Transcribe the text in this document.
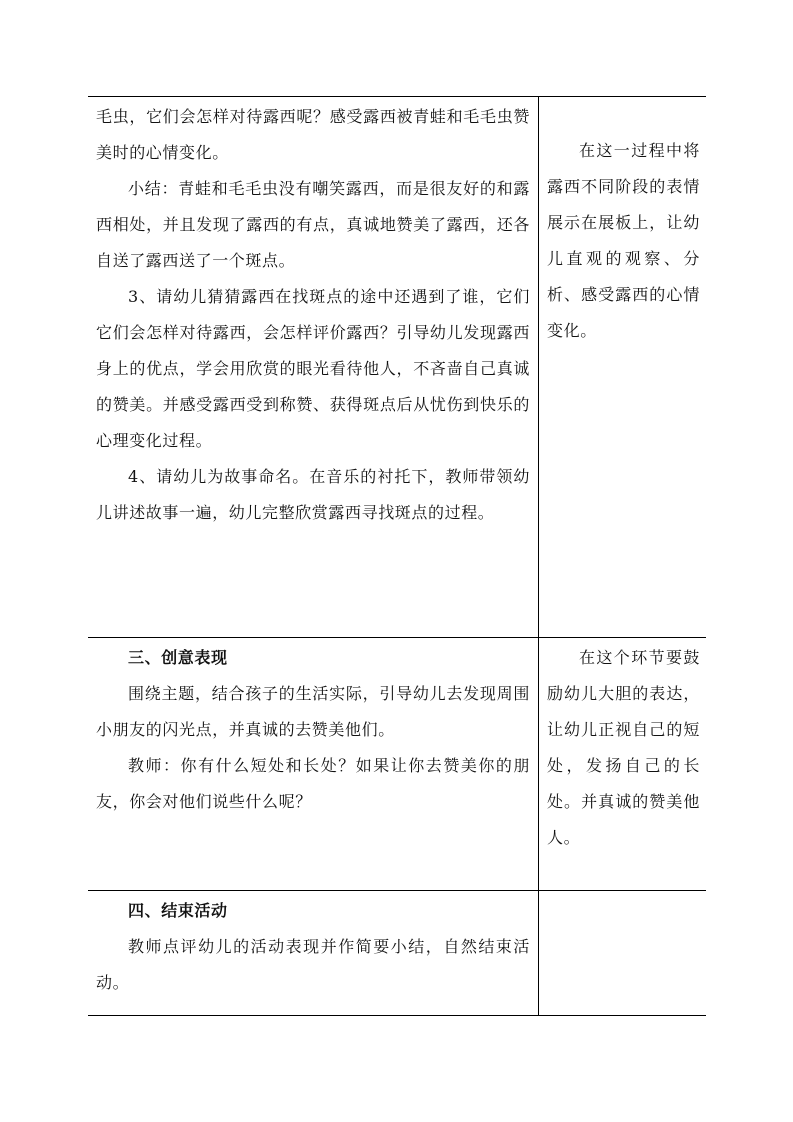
毛虫，它们会怎样对待露西呢？感受露西被青蛙和毛毛虫赞美时的心情变化。

小结：青蛙和毛毛虫没有嘲笑露西，而是很友好的和露西相处，并且发现了露西的有点，真诚地赞美了露西，还各自送了露西送了一个斑点。

3、请幼儿猜猜露西在找斑点的途中还遇到了谁，它们它们会怎样对待露西，会怎样评价露西？引导幼儿发现露西身上的优点，学会用欣赏的眼光看待他人，不吝啬自己真诚的赞美。并感受露西受到称赞、获得斑点后从忧伤到快乐的心理变化过程。

4、请幼儿为故事命名。在音乐的衬托下，教师带领幼儿讲述故事一遍，幼儿完整欣赏露西寻找斑点的过程。

在这一过程中将露西不同阶段的表情展示在展板上，让幼儿直观的观察、分析、感受露西的心情变化。

三、创意表现

围绕主题，结合孩子的生活实际，引导幼儿去发现周围小朋友的闪光点，并真诚的去赞美他们。

教师：你有什么短处和长处？如果让你去赞美你的朋友，你会对他们说些什么呢？

在这个环节要鼓励幼儿大胆的表达，让幼儿正视自己的短处，发扬自己的长处。并真诚的赞美他人。

四、结束活动

教师点评幼儿的活动表现并作简要小结，自然结束活动。
